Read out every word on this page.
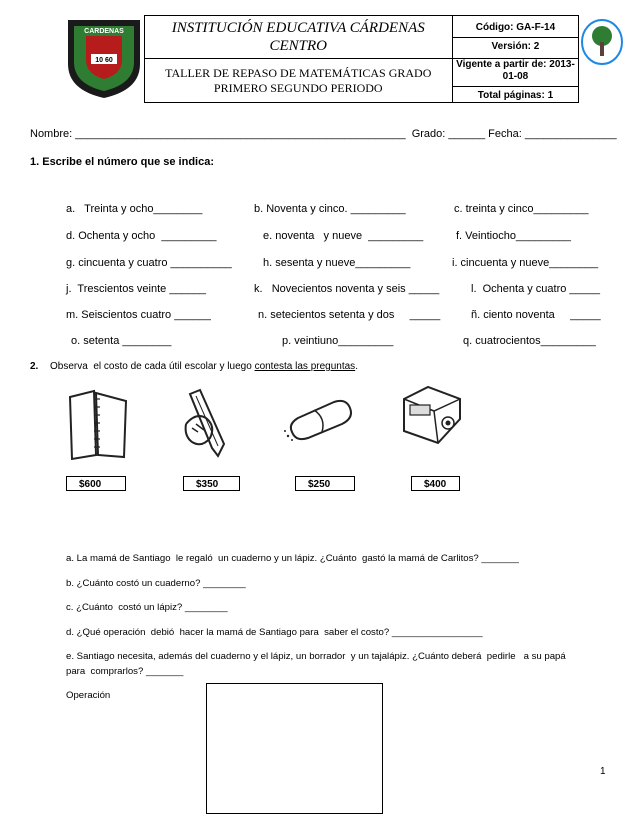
10 60
CARDENAS

	INSTITUCIÓN EDUCATIVA CÁRDENAS CENTRO	Código: GA-F-14
Versión: 2

	TALLER DE REPASO DE MATEMÁTICAS GRADO PRIMERO SEGUNDO PERIODO	Vigente a partir de: 2013-01-08
Total páginas: 1
Nombre: ______________________________________________________  Grado: ______ Fecha: _______________
1. Escribe el número que se indica:
a.   Treinta y ocho________	b. Noventa y cinco. _________	c. treinta y cinco_________
d. Ochenta y ocho  _________	e. noventa   y nueve  _________	f. Veintiocho_________
g. cincuenta y cuatro __________	h. sesenta y nueve_________	i. cincuenta y nueve________
j.  Trescientos veinte ______	k.   Novecientos noventa y seis _____	l.  Ochenta y cuatro _____
m. Seiscientos cuatro ______	n. setecientos setenta y dos     _____	ñ. ciento noventa     _____
o. setenta ________	p. veintiuno_________	q. cuatrocientos_________
2. Observa  el costo de cada útil escolar y luego contesta las preguntas.
$600	$350	$250	$400
a. La mamá de Santiago  le regaló  un cuaderno y un lápiz. ¿Cuánto  gastó la mamá de Carlitos? _______
b. ¿Cuánto costó un cuaderno? ________
c. ¿Cuánto  costó un lápiz? ________
d. ¿Qué operación  debió  hacer la mamá de Santiago para  saber el costo? _________________
e. Santiago necesita, además del cuaderno y el lápiz, un borrador  y un tajalápiz. ¿Cuánto deberá  pedirle   a su papá
para  comprarlos? _______
Operación
1
